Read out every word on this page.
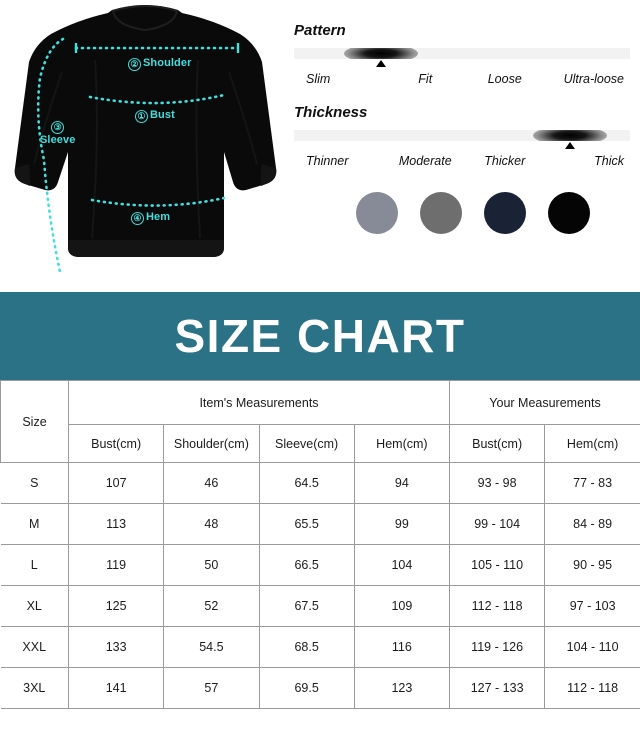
② Shoulder
① Bust
③
Sleeve
④ Hem
Pattern
Slim	Fit	Loose	Ultra-loose
Thickness
Thinner	Moderate	Thicker	Thick
SIZE CHART
Size	Item's Measurements				Your Measurements	
	Bust(cm)	Shoulder(cm)	Sleeve(cm)	Hem(cm)	Bust(cm)	Hem(cm)
S	107	46	64.5	94	93 - 98	77 - 83
M	113	48	65.5	99	99 - 104	84 - 89
L	119	50	66.5	104	105 - 110	90 - 95
XL	125	52	67.5	109	112 - 118	97 - 103
XXL	133	54.5	68.5	116	119 - 126	104 - 110
3XL	141	57	69.5	123	127 - 133	112 - 118
